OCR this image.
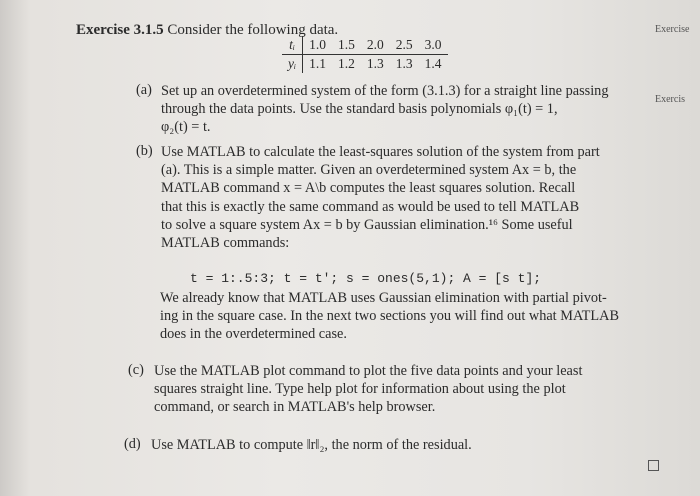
Exercise 3.1.5 Consider the following data.	Exercise
Exercis
tᵢ	1.0	1.5	2.0	2.5	3.0
yᵢ	1.1	1.2	1.3	1.3	1.4
(a) Set up an overdetermined system of the form (3.1.3) for a straight line passing
through the data points. Use the standard basis polynomials φ₁(t) = 1,
φ₂(t) = t.
(b) Use MATLAB to calculate the least-squares solution of the system from part
(a). This is a simple matter. Given an overdetermined system Ax = b, the
MATLAB command x = A\b computes the least squares solution. Recall
that this is exactly the same command as would be used to tell MATLAB
to solve a square system Ax = b by Gaussian elimination.¹⁶ Some useful
MATLAB commands:
t = 1:.5:3; t = t'; s = ones(5,1); A = [s t];
We already know that MATLAB uses Gaussian elimination with partial pivot-
ing in the square case. In the next two sections you will find out what MATLAB
does in the overdetermined case.
(c) Use the MATLAB plot command to plot the five data points and your least
squares straight line. Type help plot for information about using the plot
command, or search in MATLAB's help browser.
(d) Use MATLAB to compute ‖r‖₂, the norm of the residual.
